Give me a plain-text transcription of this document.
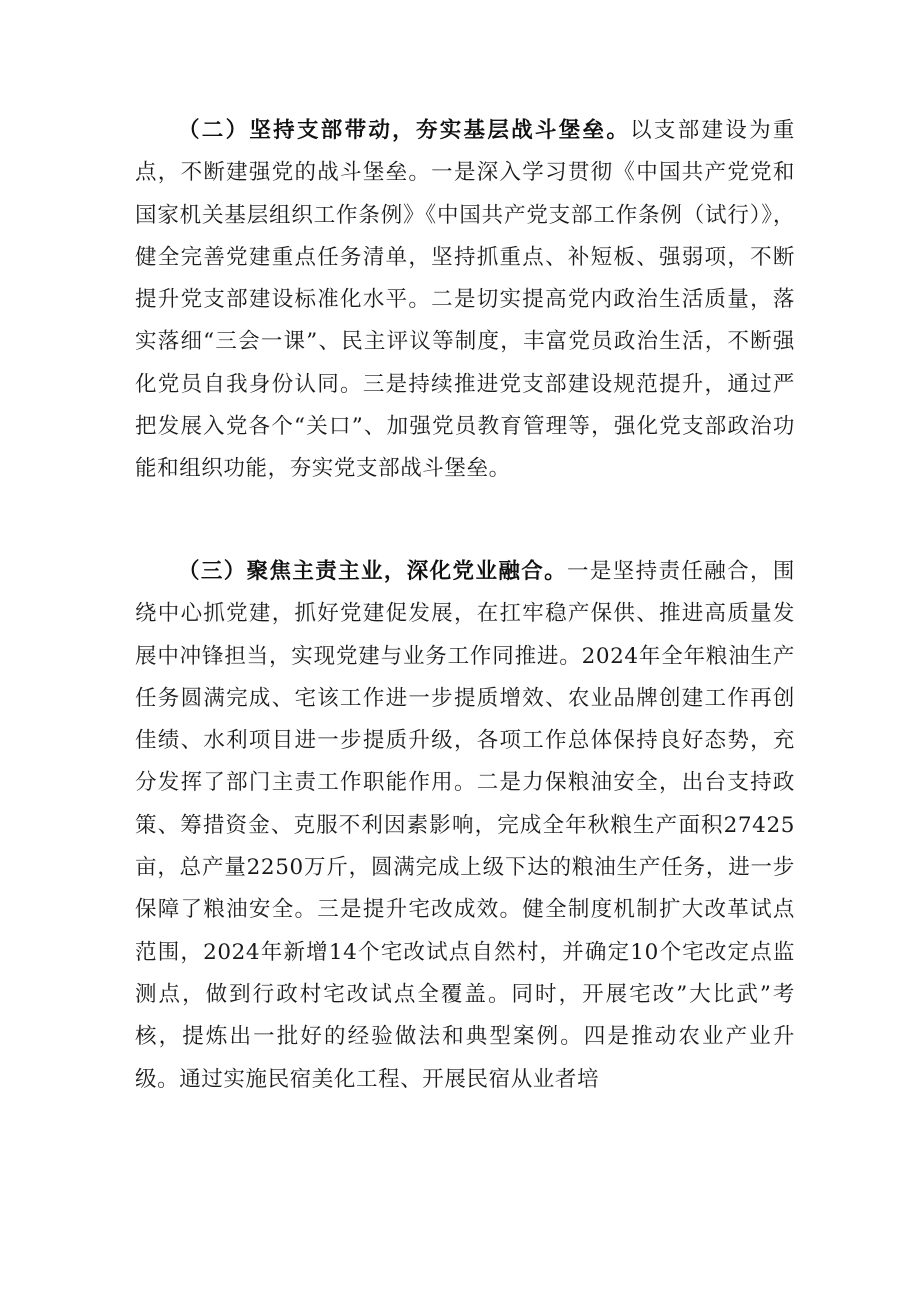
（二）坚持支部带动，夯实基层战斗堡垒。以支部建设为重点，不断建强党的战斗堡垒。一是深入学习贯彻《中国共产党党和国家机关基层组织工作条例》《中国共产党支部工作条例（试行）》，健全完善党建重点任务清单，坚持抓重点、补短板、强弱项，不断提升党支部建设标准化水平。二是切实提高党内政治生活质量，落实落细“三会一课”、民主评议等制度，丰富党员政治生活，不断强化党员自我身份认同。三是持续推进党支部建设规范提升，通过严把发展入党各个“关口”、加强党员教育管理等，强化党支部政治功能和组织功能，夯实党支部战斗堡垒。

（三）聚焦主责主业，深化党业融合。一是坚持责任融合，围绕中心抓党建，抓好党建促发展，在扛牢稳产保供、推进高质量发展中冲锋担当，实现党建与业务工作同推进。2024年全年粮油生产任务圆满完成、宅该工作进一步提质增效、农业品牌创建工作再创佳绩、水利项目进一步提质升级，各项工作总体保持良好态势，充分发挥了部门主责工作职能作用。二是力保粮油安全，出台支持政策、筹措资金、克服不利因素影响，完成全年秋粮生产面积27425亩，总产量2250万斤，圆满完成上级下达的粮油生产任务，进一步保障了粮油安全。三是提升宅改成效。健全制度机制扩大改革试点范围，2024年新增14个宅改试点自然村，并确定10个宅改定点监测点，做到行政村宅改试点全覆盖。同时，开展宅改”大比武”考核，提炼出一批好的经验做法和典型案例。四是推动农业产业升级。通过实施民宿美化工程、开展民宿从业者培
